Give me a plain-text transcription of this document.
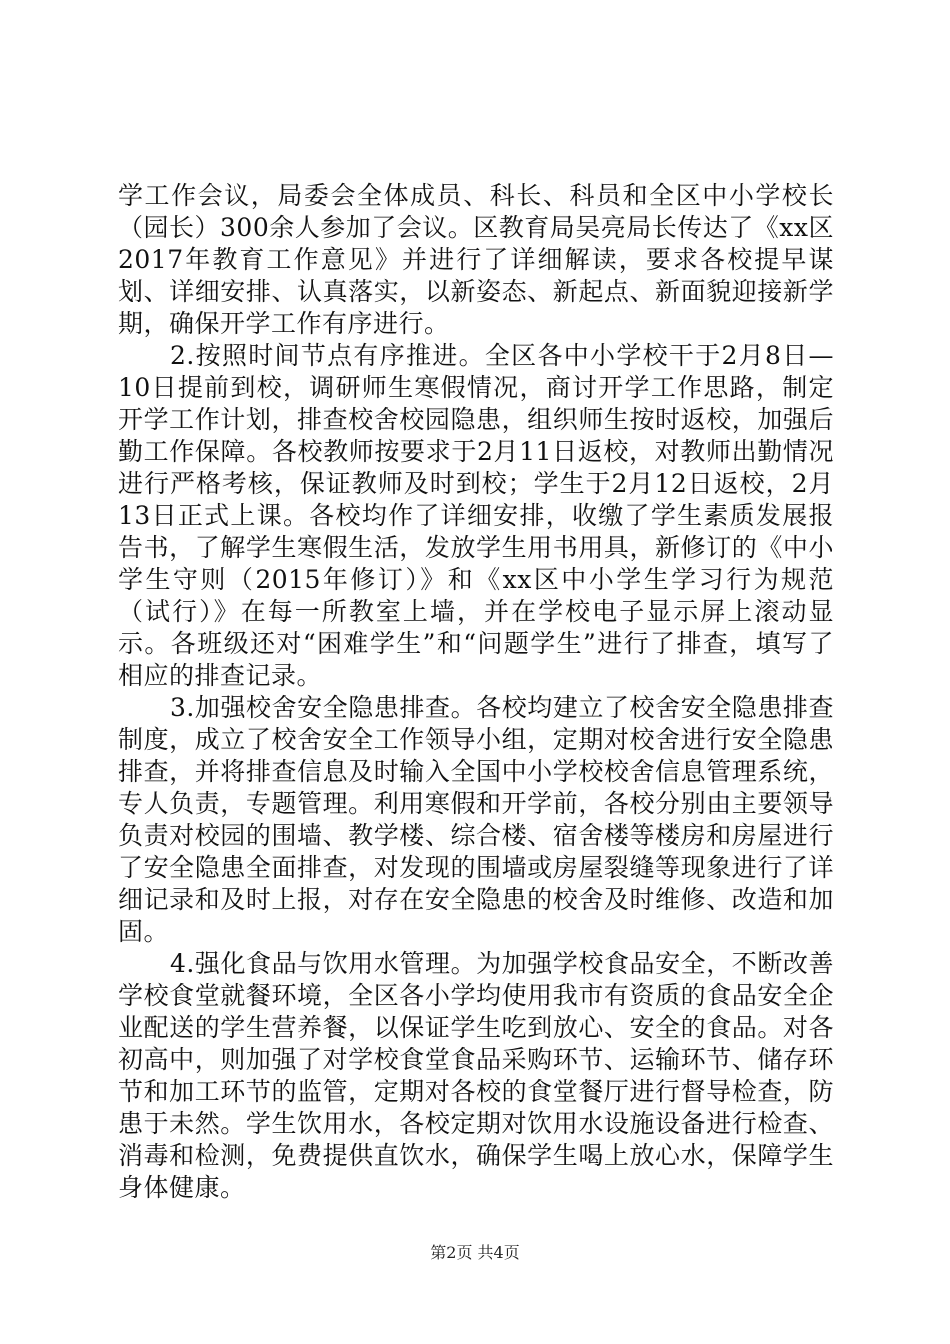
学工作会议，局委会全体成员、科长、科员和全区中小学校长（园长）300余人参加了会议。区教育局吴亮局长传达了《xx区2017年教育工作意见》并进行了详细解读，要求各校提早谋划、详细安排、认真落实，以新姿态、新起点、新面貌迎接新学期，确保开学工作有序进行。

2.按照时间节点有序推进。全区各中小学校干于2月8日—10日提前到校，调研师生寒假情况，商讨开学工作思路，制定开学工作计划，排查校舍校园隐患，组织师生按时返校，加强后勤工作保障。各校教师按要求于2月11日返校，对教师出勤情况进行严格考核，保证教师及时到校；学生于2月12日返校，2月13日正式上课。各校均作了详细安排，收缴了学生素质发展报告书，了解学生寒假生活，发放学生用书用具，新修订的《中小学生守则（2015年修订）》和《xx区中小学生学习行为规范（试行）》在每一所教室上墙，并在学校电子显示屏上滚动显示。各班级还对“困难学生”和“问题学生”进行了排查，填写了相应的排查记录。

3.加强校舍安全隐患排查。各校均建立了校舍安全隐患排查制度，成立了校舍安全工作领导小组，定期对校舍进行安全隐患排查，并将排查信息及时输入全国中小学校校舍信息管理系统，专人负责，专题管理。利用寒假和开学前，各校分别由主要领导负责对校园的围墙、教学楼、综合楼、宿舍楼等楼房和房屋进行了安全隐患全面排查，对发现的围墙或房屋裂缝等现象进行了详细记录和及时上报，对存在安全隐患的校舍及时维修、改造和加固。

4.强化食品与饮用水管理。为加强学校食品安全，不断改善学校食堂就餐环境，全区各小学均使用我市有资质的食品安全企业配送的学生营养餐，以保证学生吃到放心、安全的食品。对各初高中，则加强了对学校食堂食品采购环节、运输环节、储存环节和加工环节的监管，定期对各校的食堂餐厅进行督导检查，防患于未然。学生饮用水，各校定期对饮用水设施设备进行检查、消毒和检测，免费提供直饮水，确保学生喝上放心水，保障学生身体健康。

第2页 共4页
